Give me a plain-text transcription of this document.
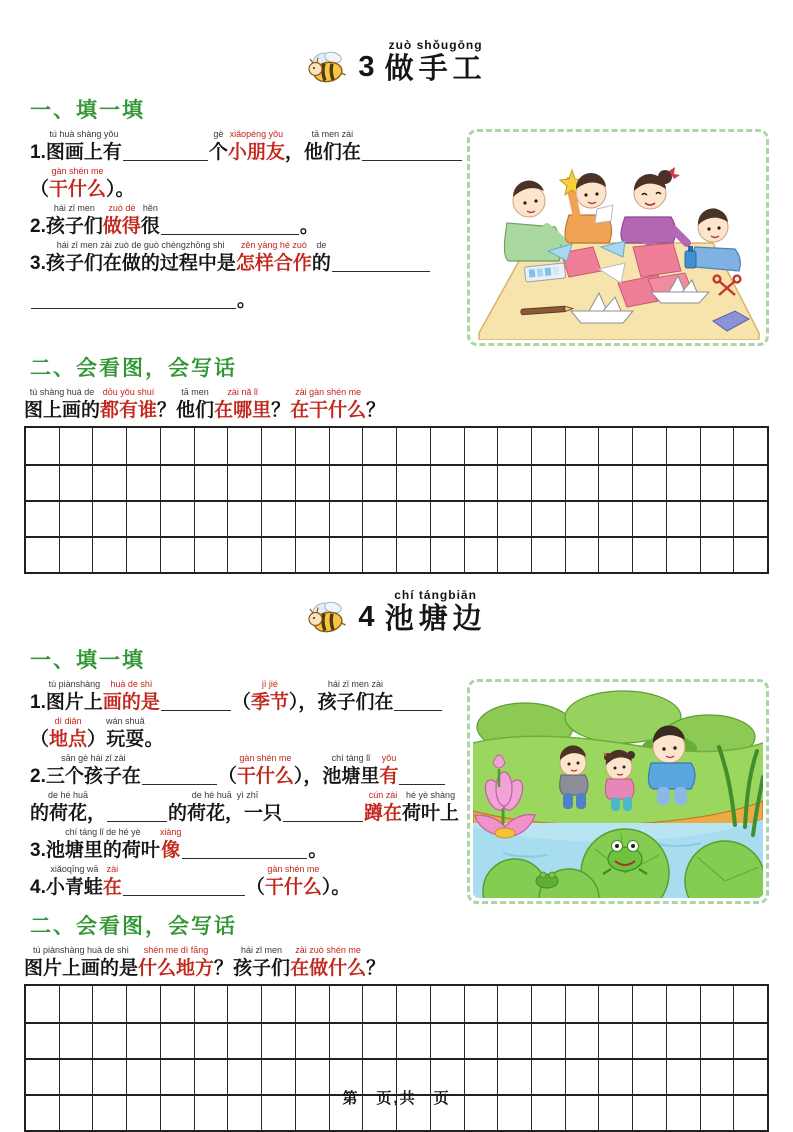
3
zuò shǒugōng
做手工
一、填一填

1.
tú huà shàng yǒu
图画上有
gè
个
xiǎopéng yǒu
小朋友
，
tā men zài
他们在

（
gàn shén me
干什么
）。

2.
hái zǐ men
孩子们
zuò dé
做得
hěn
很
	。

3.
hái zǐ men zài zuò de guò chéngzhōng shì
孩子们在做的过程中是
zěn yàng hé zuò
怎样合作
de
的

。
二、会看图，会写话
tú shàng huà de
图上画的
dōu yǒu shuí
都有谁
？
tā men
他们
zài nǎ lǐ
在哪里
？
zài gàn shén me
在干什么
？
4
chí tángbiān
池塘边
一、填一填

1.
tú piànshàng
图片上
huà de shì
画的是
	（
jì jié
季节
），
hái zǐ men zài
孩子们在

（
dì diǎn
地点
）
wán shuǎ
玩耍
。

2.
sān gè hái zǐ zài
三个孩子在
	（
gàn shén me
干什么
），
chí táng lǐ
池塘里
yǒu
有
de hé huā
的荷花，
de hé huā  yì zhī
的荷花，一只
cún zài
蹲在
hé yè shàng
荷叶上

3.
chí táng lǐ de hé yè
池塘里的荷叶
xiàng
像
	。

4.
xiǎoqīng wā
小青蛙
zài
在
	（
gàn shén me
干什么
）。
二、会看图，会写话
tú piànshàng huà de shì
图片上画的是
shén me dì fāng
什么地方
？
hái zǐ men
孩子们
zài zuò shén me
在做什么
？
第　页,共　页
